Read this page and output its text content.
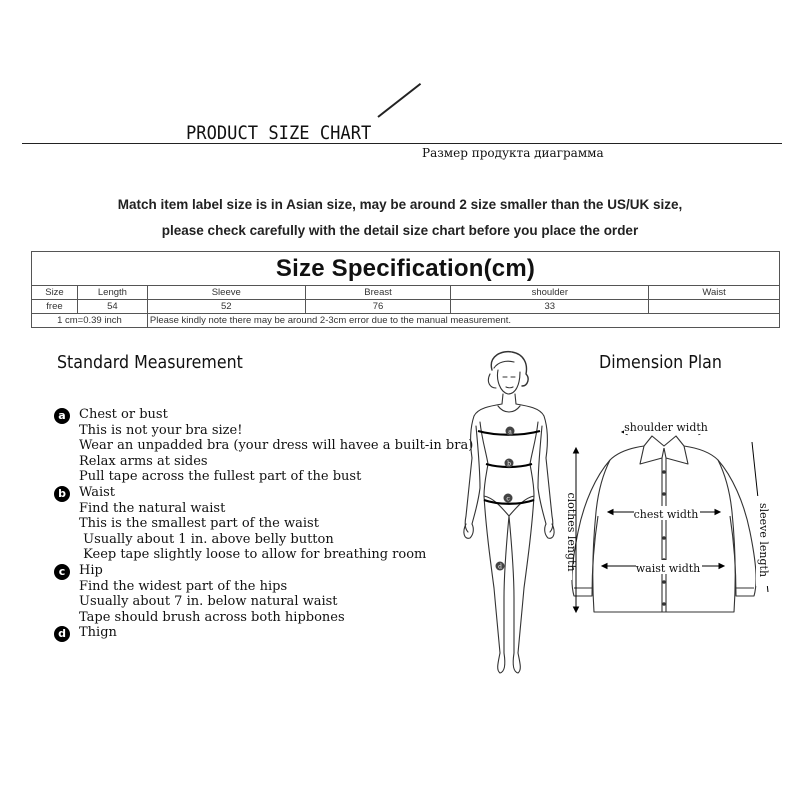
PRODUCT SIZE CHART
Размер продукта диаграмма
Match item label size is in Asian size, may be around 2 size smaller than the US/UK size,
please check carefully with the detail size chart before you place the order
Size Specification(cm)					
Size	Length	Sleeve	Breast	shoulder	Waist
free	54	52	76	33	
1 cm=0.39 inch		Please kindly note there may be around 2-3cm error due to the manual measurement.			
Standard Measurement	Dimension Plan
a	Chest or bust
This is not your bra size!
Wear an unpadded bra (your dress will havee a built-in bra)
Relax arms at sides
Pull tape across the fullest part of the bust
b	Waist
Find the natural waist
This is the smallest part of the waist
Usually about 1 in. above belly button
Keep tape slightly loose to allow for breathing room
c	Hip
Find the widest part of the hips
Usually about 7 in. below natural waist
Tape should brush across both hipbones
d	Thign
a
b
c
d
shoulder width
chest width
waist width
clothes length	sleeve length
